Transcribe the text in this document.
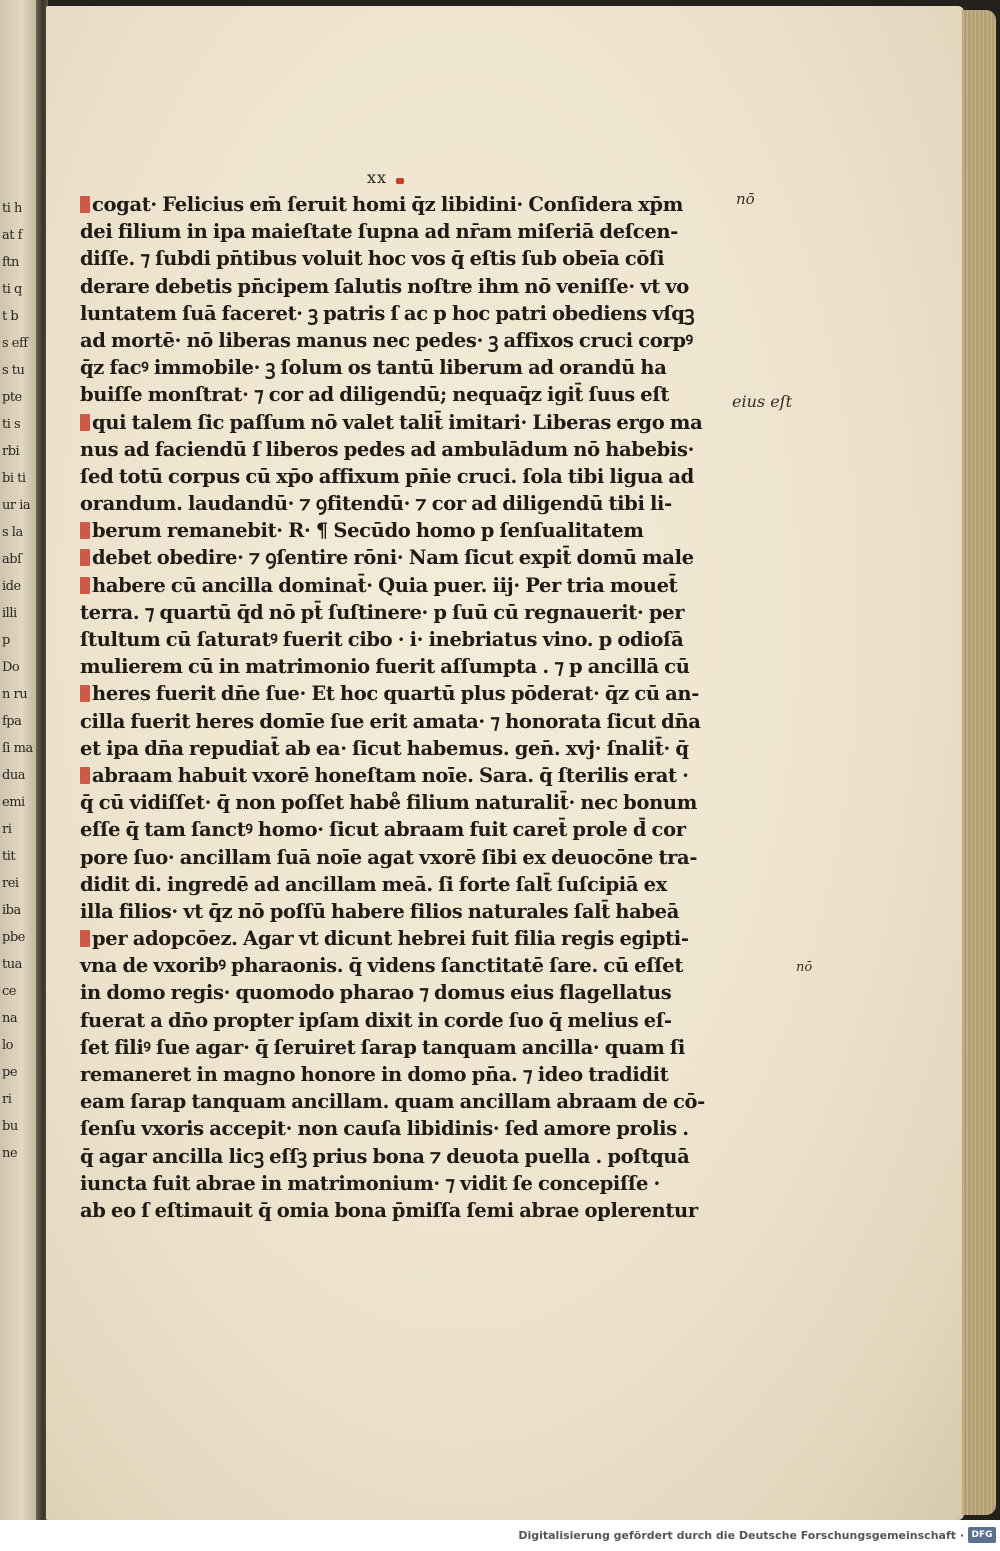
ti h
at f
ftn
ti q
t b
s eff
s tu
pte
ti s
rbi
bi ti
ur ia
s la
abſ
ide
illi
p
Do
n ru
fpa
ſi ma
dua
emi
ri
tit
rei
iba
pbe
tua
ce
na
lo
pe
ri
bu
ne
xx
cogat· Felicius em̄ ſeruit homi q̄z libidini· Conſidera xp̄m
dei filium in ipa maieſtate ſupna ad nr̄am miſeriā deſcen-
diſſe. ⁊ ſubdi pn̄tibus voluit hoc vos q̄ eſtis ſub obeīa cōſi
derare debetis pn̄cipem ſalutis noſtre ihm nō veniſſe· vt vo
luntatem ſuā faceret· ꝫ patris ſ ac p hoc patri obediens vſqꝫ
ad mortē· nō liberas manus nec pedes· ꝫ affixos cruci corpꝰ
q̄z facꝰ immobile· ꝫ ſolum os tantū liberum ad orandū ha
buiſſe monſtrat· ⁊ cor ad diligendū; nequaq̄z igit̄ ſuus eſt
qui talem ſic paſſum nō valet talit̄ imitari· Liberas ergo ma
nus ad faciendū ſ liberos pedes ad ambulādum nō habebis·
ſed totū corpus cū xp̄o affixum pn̄ie cruci. ſola tibi ligua ad
orandum. laudandū· ⁊ ꝯfitendū· ⁊ cor ad diligendū tibi li-
berum remanebit· R· ¶ Secūdo homo p ſenſualitatem
debet obedire· ⁊ ꝯſentire rōni· Nam ſicut expit̄ domū male
habere cū ancilla dominat̄· Quia puer. iij· Per tria mouet̄
terra. ⁊ quartū q̄d nō pt̄ ſuſtinere· p ſuū cū regnauerit· per
ſtultum cū ſaturatꝰ fuerit cibo · i· inebriatus vino. p odioſā
mulierem cū in matrimonio fuerit aſſumpta . ⁊ p ancillā cū
heres fuerit dn̄e ſue· Et hoc quartū plus pōderat· q̄z cū an-
cilla fuerit heres domīe ſue erit amata· ⁊ honorata ſicut dn̄a
et ipa dn̄a repudiat̄ ab ea· ſicut habemus. gen̄. xvj· ſnalit̄· q̄
abraam habuit vxorē honeſtam noīe. Sara. q̄ ſterilis erat ·
q̄ cū vidiſſet· q̄ non poſſet habe̊ filium naturalit̄· nec bonum
eſſe q̄ tam ſanctꝰ homo· ſicut abraam fuit caret̄ prole d̄ cor
pore ſuo· ancillam ſuā noīe agat vxorē ſibi ex deuocōne tra-
didit di. ingredē ad ancillam meā. ſi forte ſalt̄ ſuſcipiā ex
illa filios· vt q̄z nō poſſū habere filios naturales ſalt̄ habeā
per adopcōez. Agar vt dicunt hebrei fuit filia regis egipti-
vna de vxoribꝰ pharaonis. q̄ videns ſanctitatē ſare. cū eſſet
in domo regis· quomodo pharao ⁊ domus eius flagellatus
fuerat a dn̄o propter ipſam dixit in corde ſuo q̄ melius eſ-
ſet filiꝰ ſue agar· q̄ ſeruiret ſarap tanquam ancilla· quam ſi
remaneret in magno honore in domo pn̄a. ⁊ ideo tradidit
eam ſarap tanquam ancillam. quam ancillam abraam de cō-
ſenſu vxoris accepit· non cauſa libidinis· ſed amore prolis .
q̄ agar ancilla licꝫ eſſꝫ prius bona ⁊ deuota puella . poſtquā
iuncta fuit abrae in matrimonium· ⁊ vidit ſe concepiſſe ·
ab eo ſ eſtimauit q̄ omia bona p̄miſſa ſemi abrae oplerentur
nō
eius eſt
nō
Digitalisierung gefördert durch die Deutsche Forschungsgemeinschaft · DFG
